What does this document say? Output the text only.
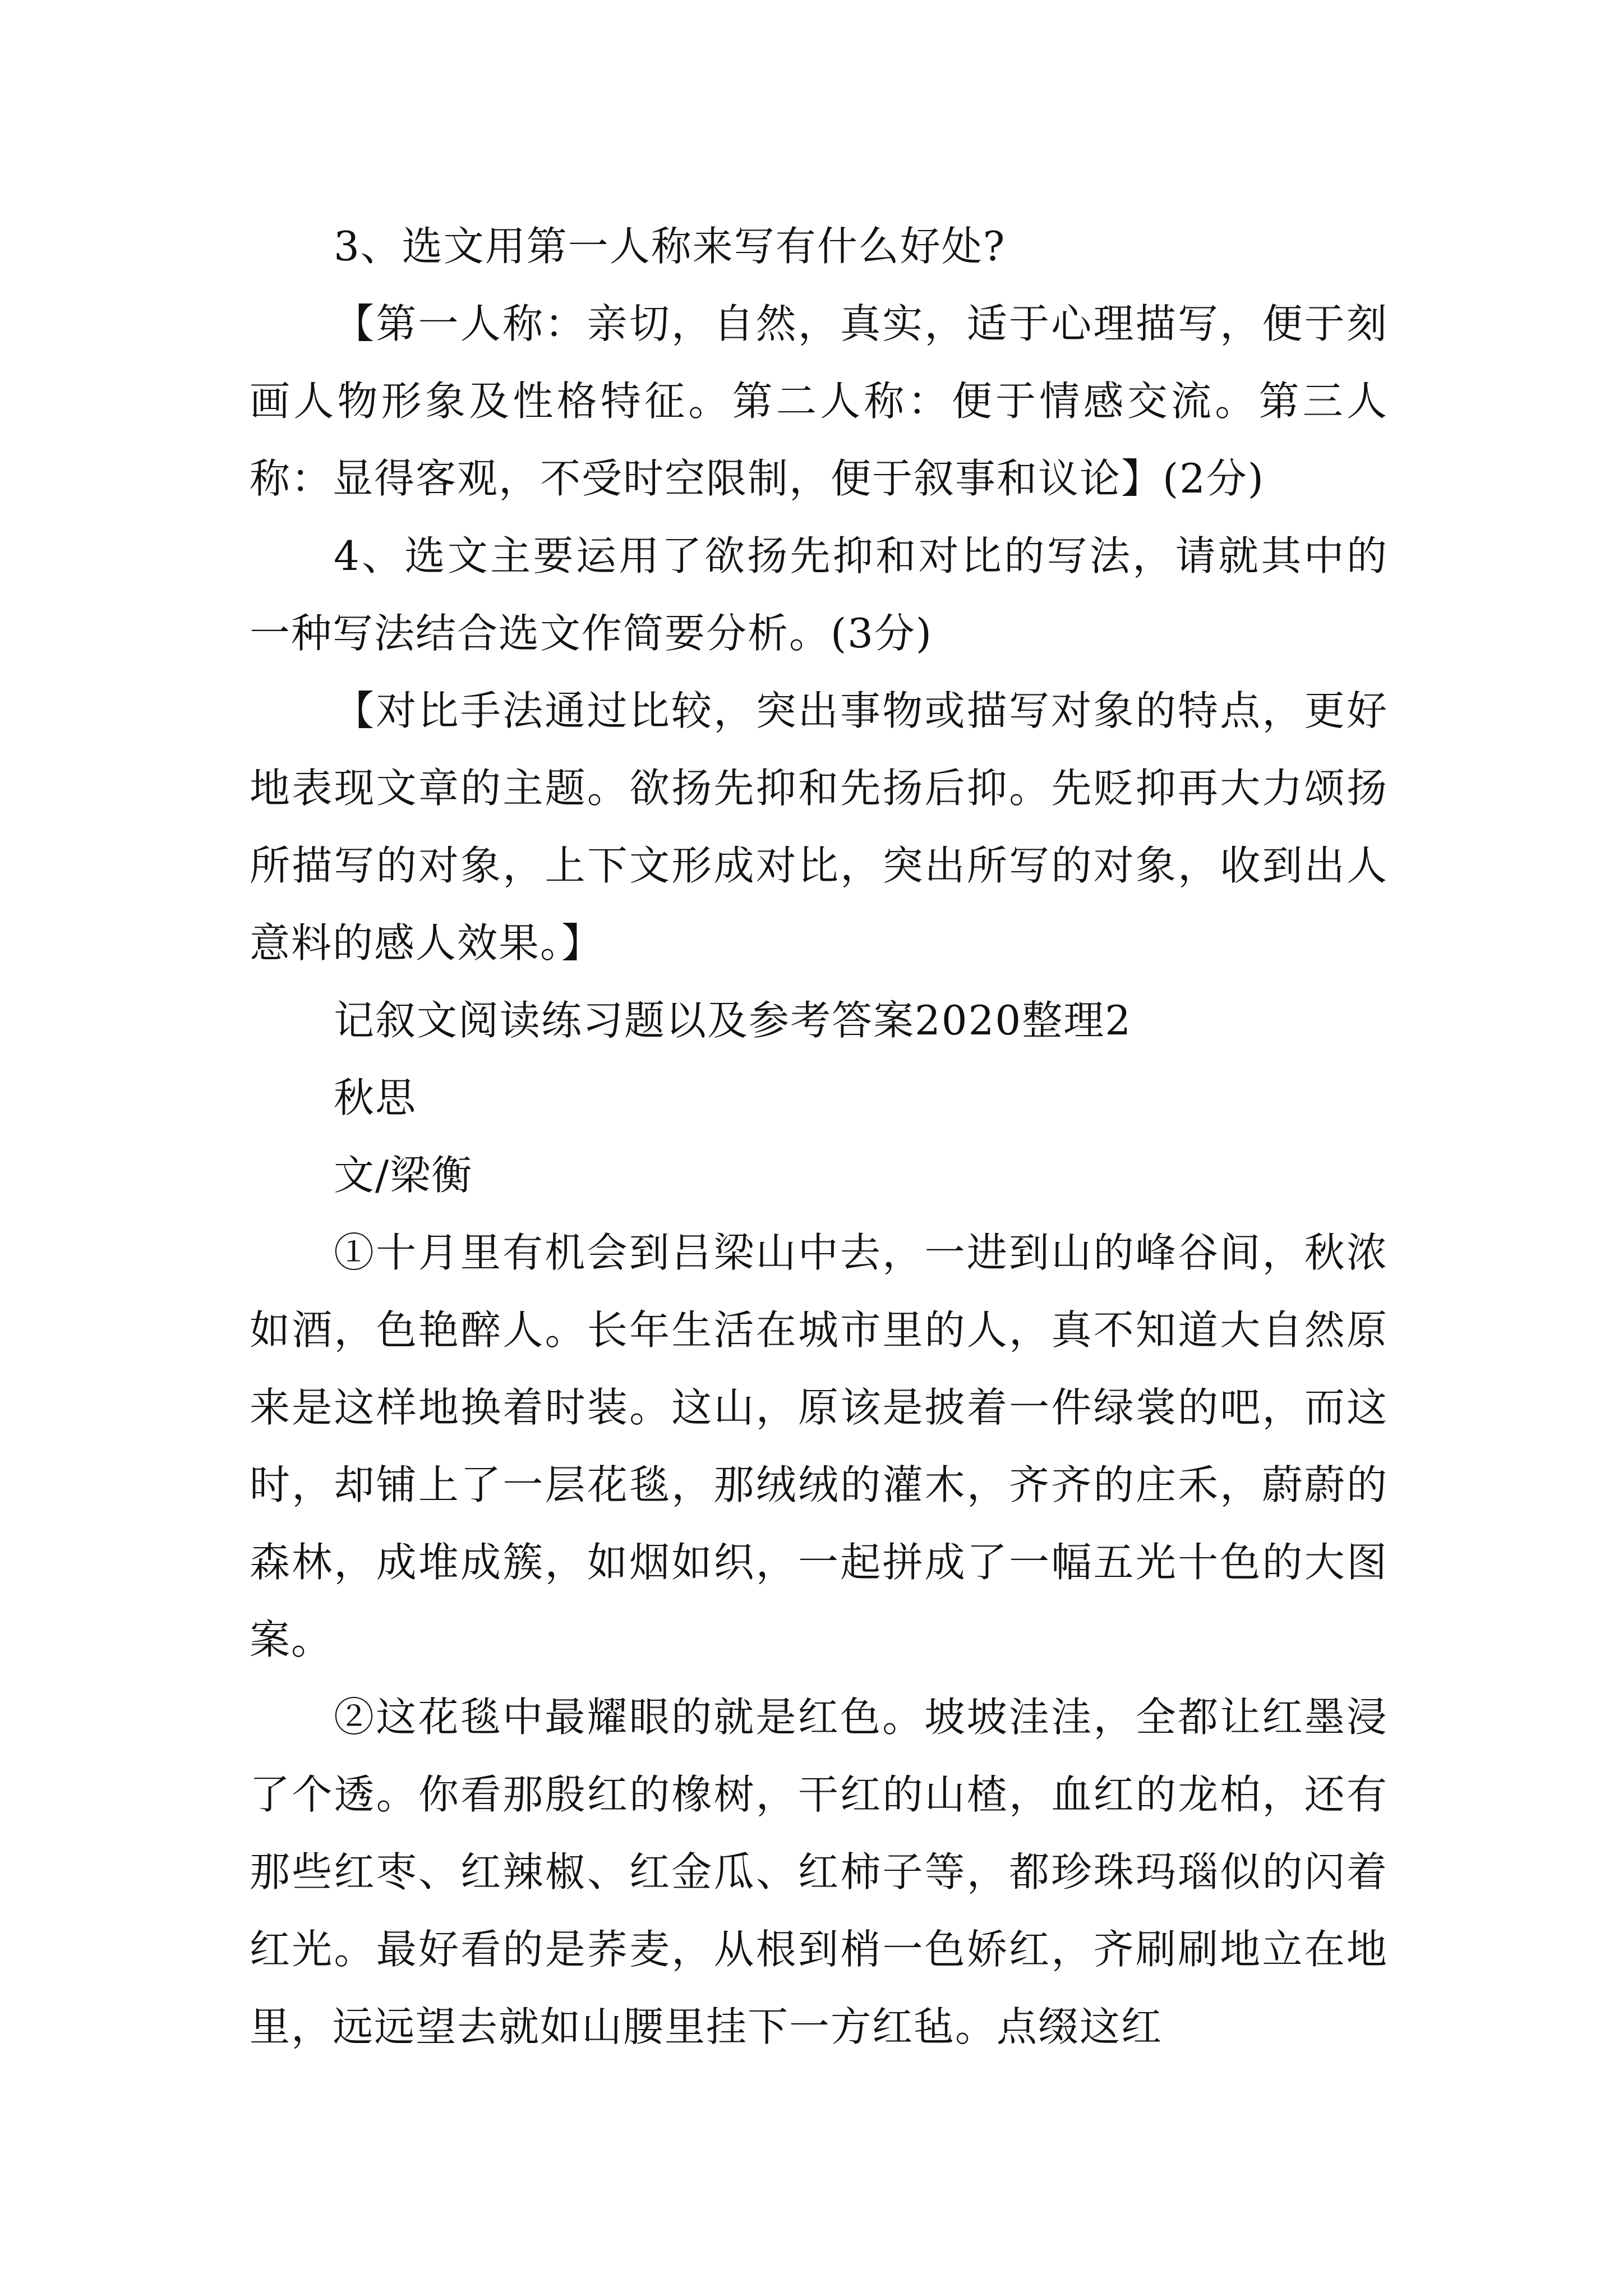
3、选文用第一人称来写有什么好处?

【第一人称：亲切，自然，真实，适于心理描写，便于刻画人物形象及性格特征。第二人称：便于情感交流。第三人称：显得客观，不受时空限制，便于叙事和议论】(2分)

4、选文主要运用了欲扬先抑和对比的写法，请就其中的一种写法结合选文作简要分析。(3分)

【对比手法通过比较，突出事物或描写对象的特点，更好地表现文章的主题。欲扬先抑和先扬后抑。先贬抑再大力颂扬所描写的对象，上下文形成对比，突出所写的对象，收到出人意料的感人效果。】

记叙文阅读练习题以及参考答案2020整理2

秋思

文/梁衡

①十月里有机会到吕梁山中去，一进到山的峰谷间，秋浓如酒，色艳醉人。长年生活在城市里的人，真不知道大自然原来是这样地换着时装。这山，原该是披着一件绿裳的吧，而这时，却铺上了一层花毯，那绒绒的灌木，齐齐的庄禾，蔚蔚的森林，成堆成簇，如烟如织，一起拼成了一幅五光十色的大图案。

②这花毯中最耀眼的就是红色。坡坡洼洼，全都让红墨浸了个透。你看那殷红的橡树，干红的山楂，血红的龙柏，还有那些红枣、红辣椒、红金瓜、红柿子等，都珍珠玛瑙似的闪着红光。最好看的是荞麦，从根到梢一色娇红，齐刷刷地立在地里，远远望去就如山腰里挂下一方红毡。点缀这红
